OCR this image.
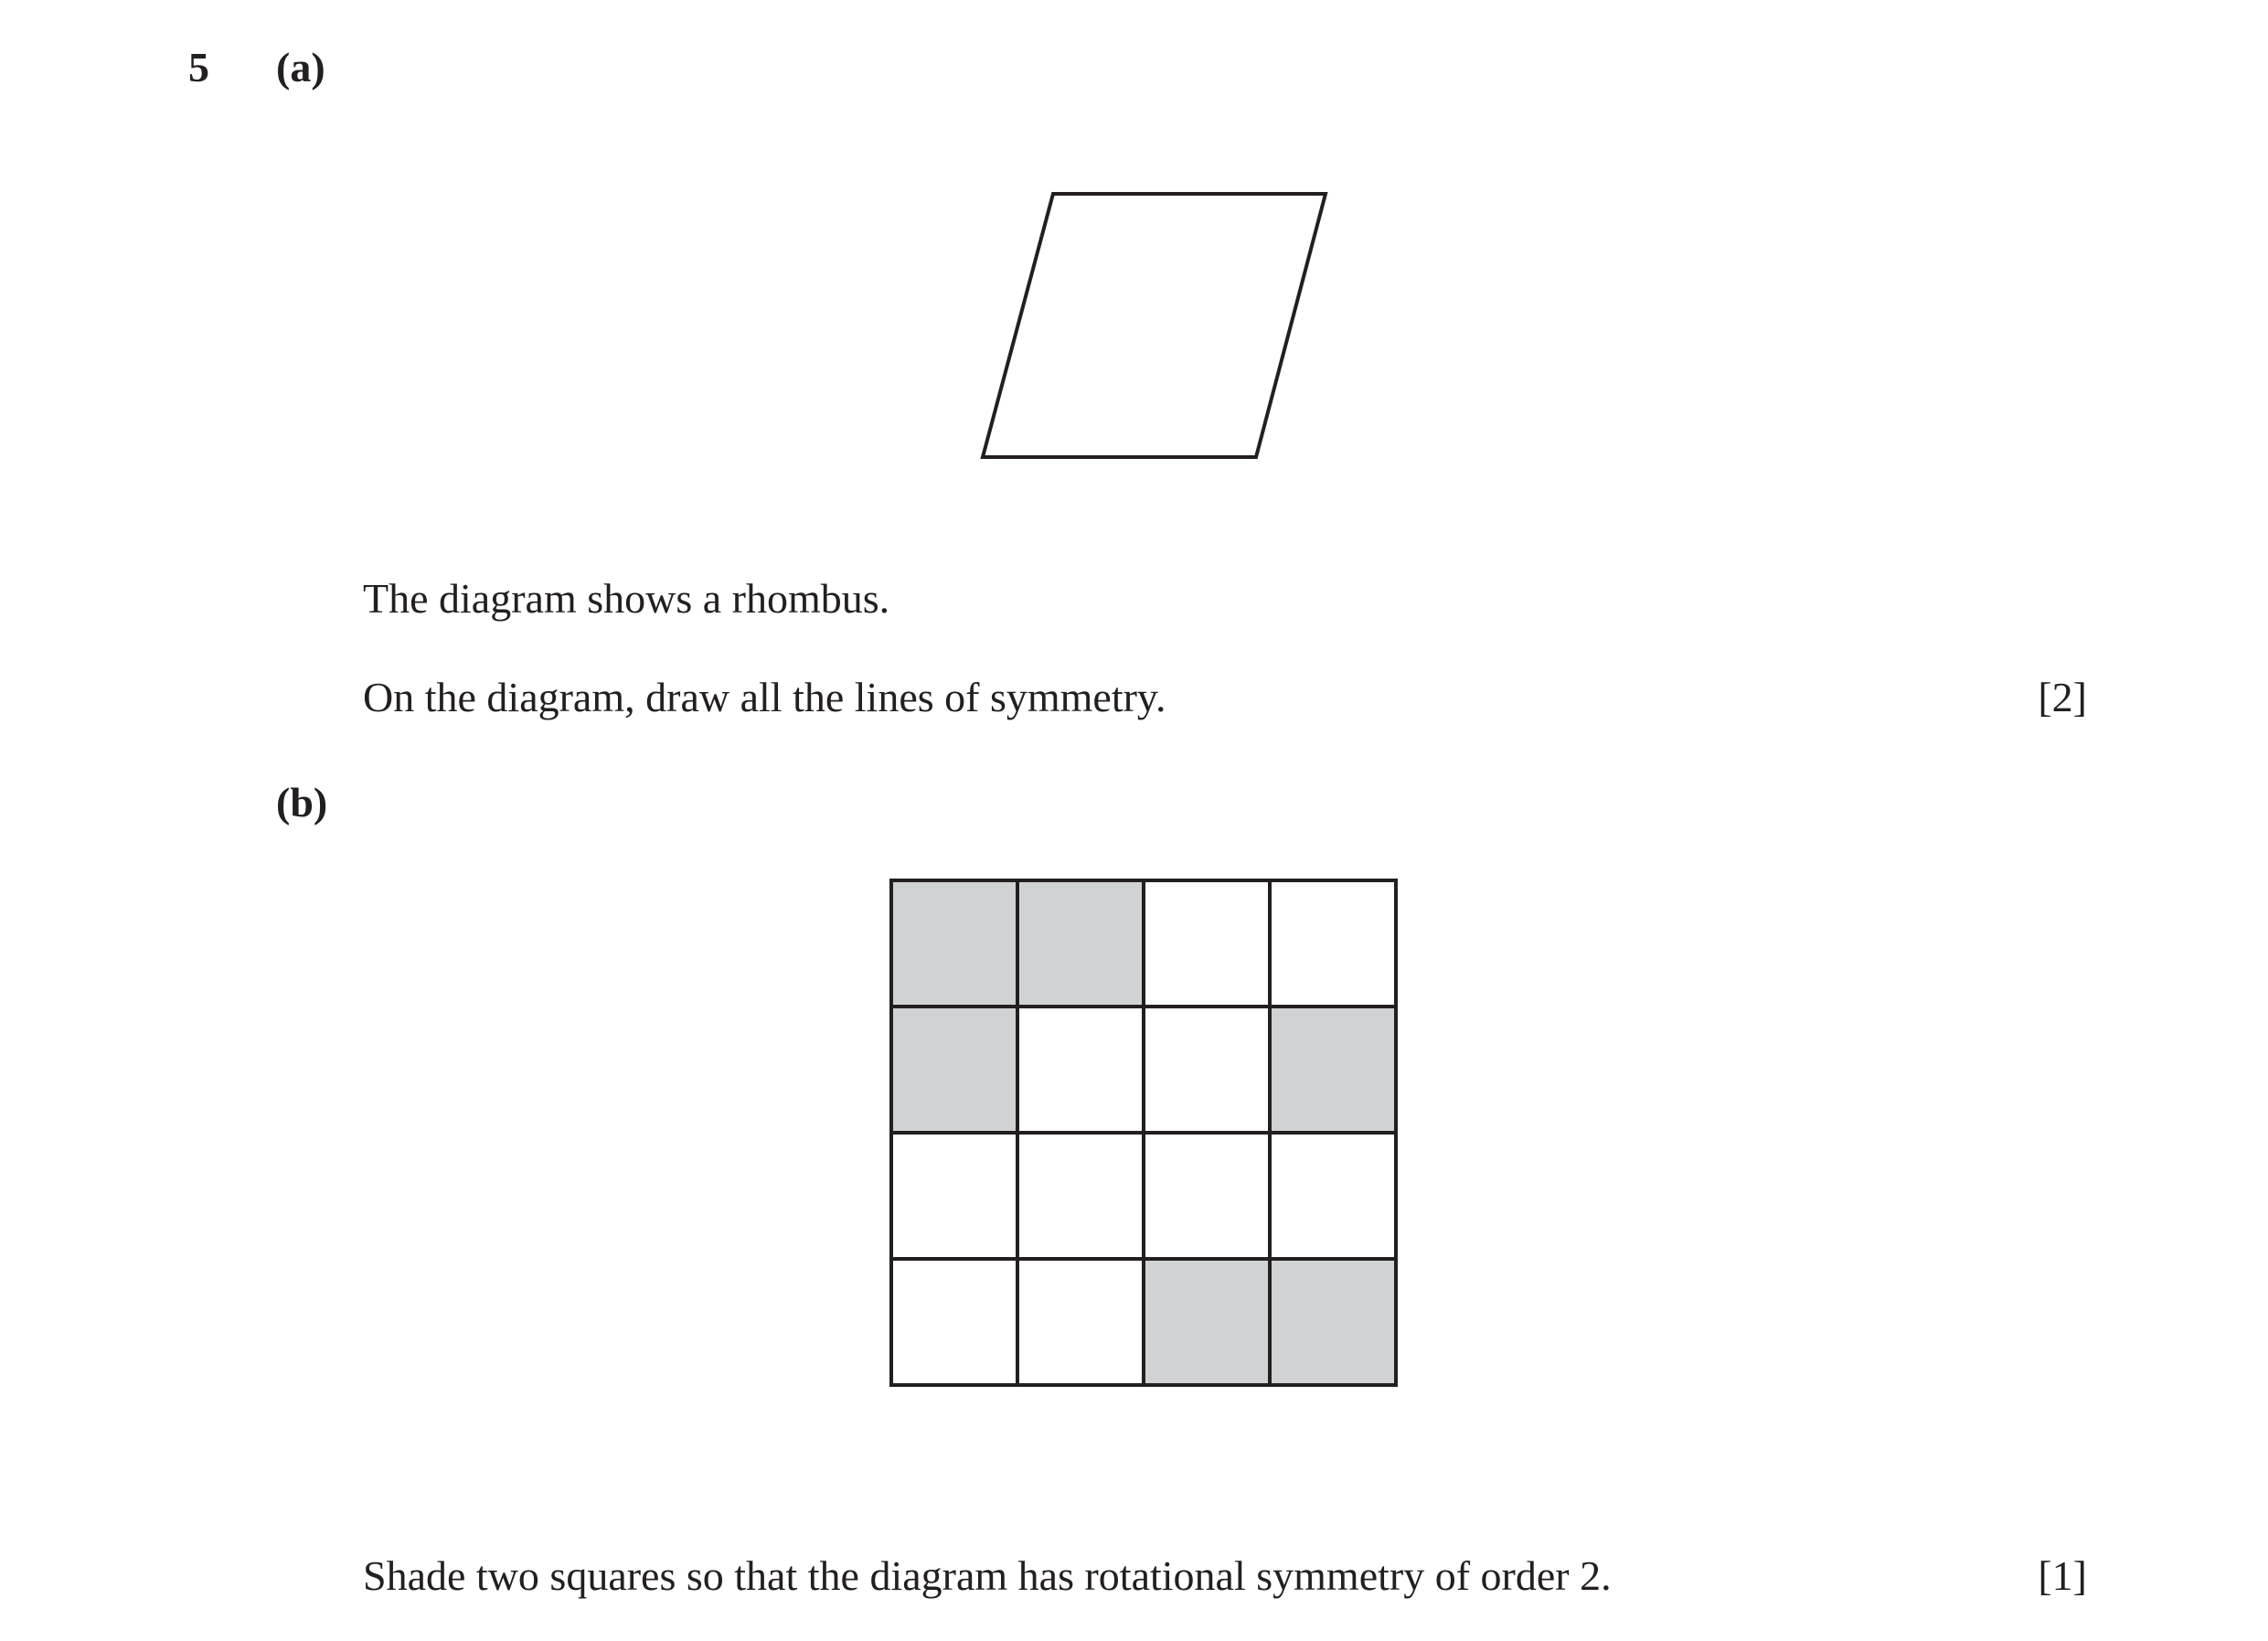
5 (a)
The diagram shows a rhombus.
On the diagram, draw all the lines of symmetry.	[2]
(b)
Shade two squares so that the diagram has rotational symmetry of order 2.	[1]
